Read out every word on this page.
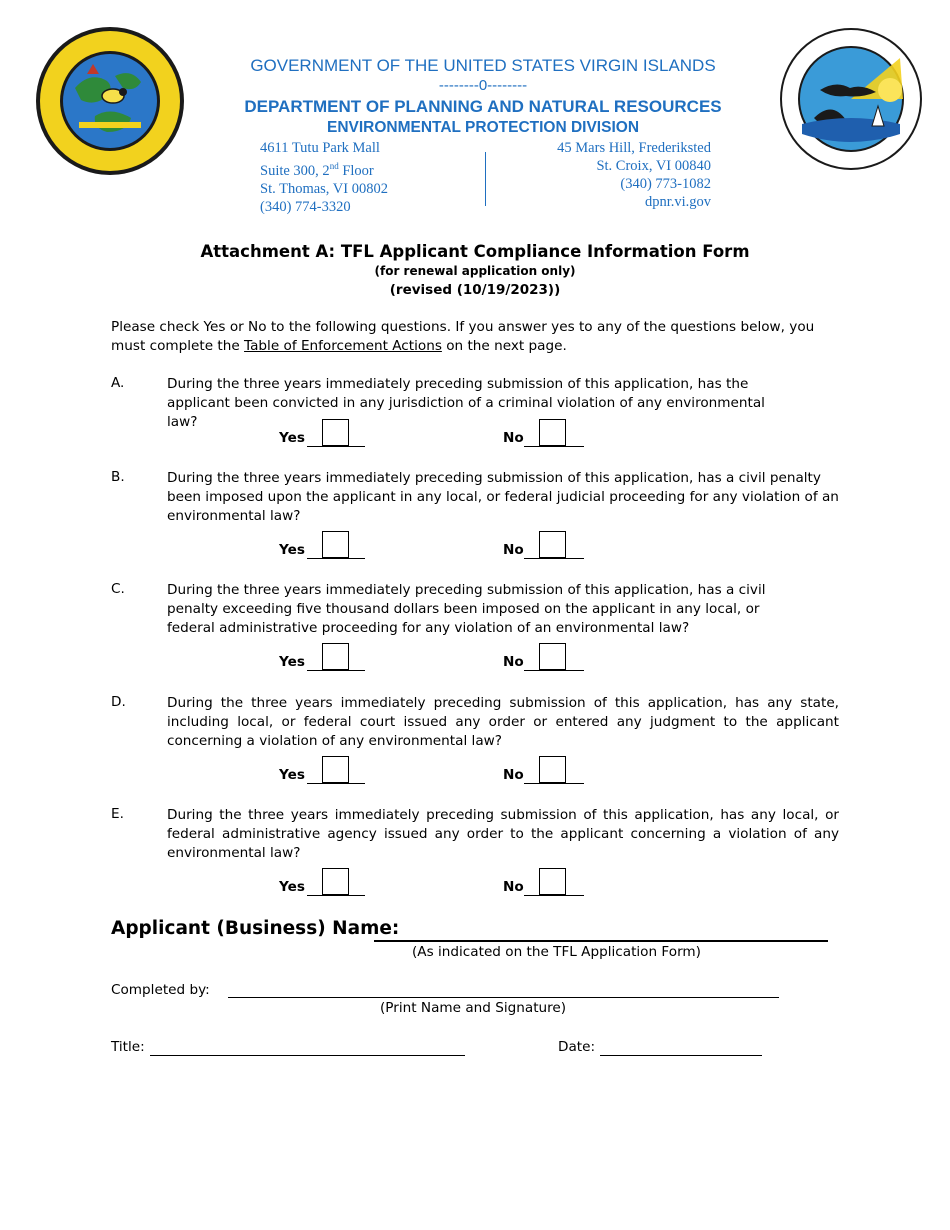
GOVERNMENT OF THE UNITED STATES VIRGIN ISLANDS
--------0--------
DEPARTMENT OF PLANNING AND NATURAL RESOURCES
ENVIRONMENTAL PROTECTION DIVISION
4611 Tutu Park Mall
Suite 300, 2nd Floor
St. Thomas, VI 00802
(340) 774-3320
45 Mars Hill, Frederiksted
St. Croix, VI 00840
(340) 773-1082
dpnr.vi.gov
Attachment A: TFL Applicant Compliance Information Form
(for renewal application only)
(revised (10/19/2023))
Please check Yes or No to the following questions. If you answer yes to any of the questions below, you must complete the Table of Enforcement Actions on the next page.
A.	During the three years immediately preceding submission of this application, has the applicant been convicted in any jurisdiction of a criminal violation of any environmental law?
Yes	No
B.	During the three years immediately preceding submission of this application, has a civil penalty been imposed upon the applicant in any local, or federal judicial proceeding for any violation of an environmental law?
Yes	No
C.	During the three years immediately preceding submission of this application, has a civil penalty exceeding five thousand dollars been imposed on the applicant in any local, or federal administrative proceeding for any violation of an environmental law?
Yes	No
D.	During the three years immediately preceding submission of this application, has any state, including local, or federal court issued any order or entered any judgment to the applicant concerning a violation of any environmental law?
Yes	No
E.	During the three years immediately preceding submission of this application, has any local, or federal administrative agency issued any order to the applicant concerning a violation of any environmental law?
Yes	No
Applicant (Business) Name:
(As indicated on the TFL Application Form)
Completed by:
(Print Name and Signature)
Title:	Date:
